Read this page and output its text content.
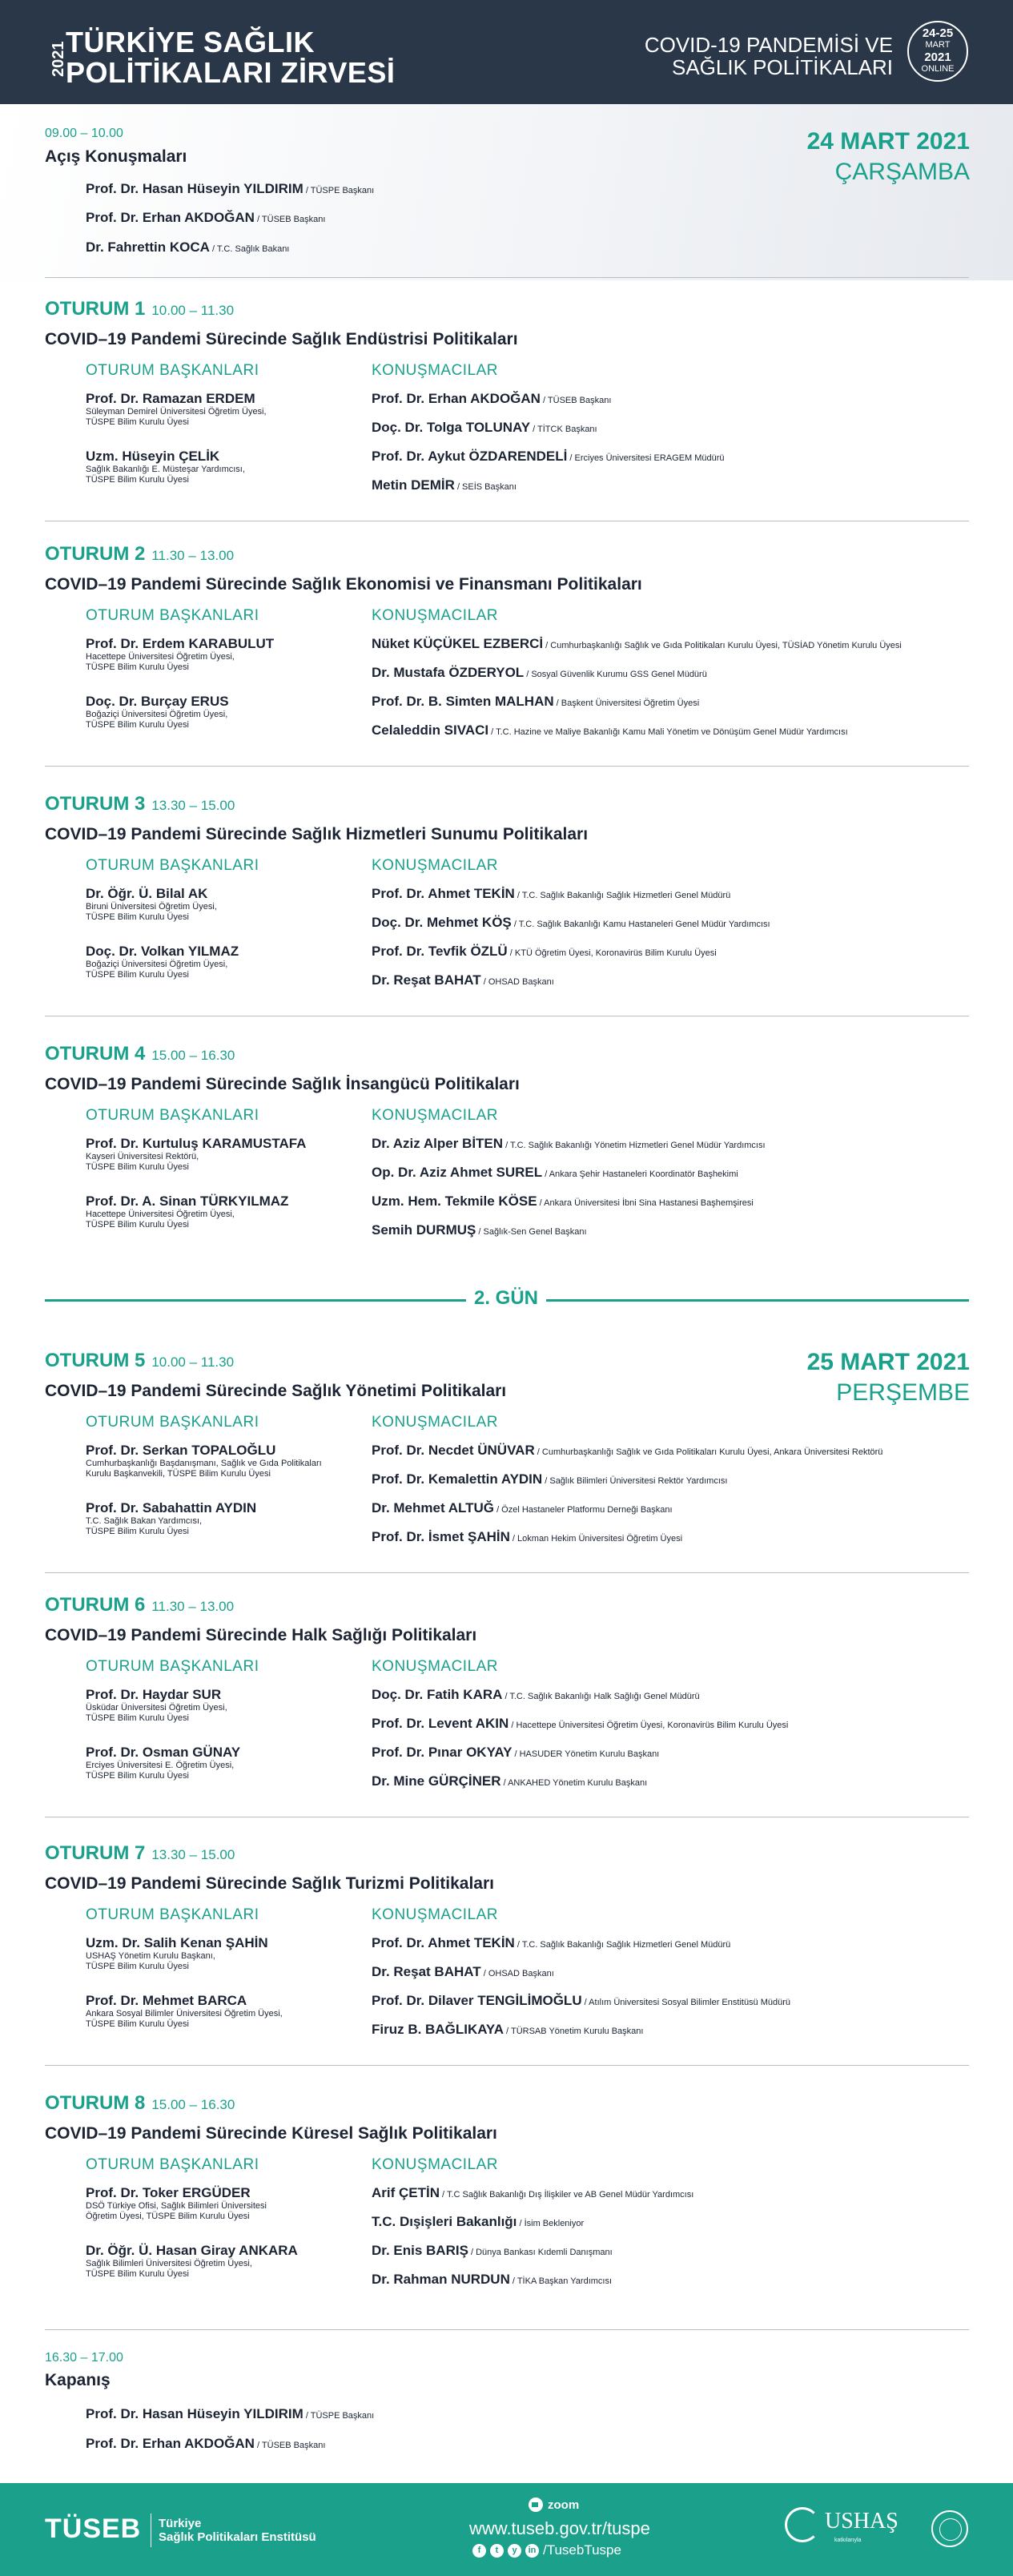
2021
TÜRKİYE SAĞLIK
POLİTİKALARI ZİRVESİ
COVID-19 PANDEMİSİ VE
SAĞLIK POLİTİKALARI
24-25
MART
2021
ONLINE
24 MART 2021
ÇARŞAMBA
09.00 – 10.00
Açış Konuşmaları
Prof. Dr. Hasan Hüseyin YILDIRIM / TÜSPE Başkanı
Prof. Dr. Erhan AKDOĞAN / TÜSEB Başkanı
Dr. Fahrettin KOCA / T.C. Sağlık Bakanı
OTURUM 1 10.00 – 11.30
COVID–19 Pandemi Sürecinde Sağlık Endüstrisi Politikaları
OTURUM BAŞKANLARI	KONUŞMACILAR
Prof. Dr. Ramazan ERDEM
Süleyman Demirel Üniversitesi Öğretim Üyesi,
TÜSPE Bilim Kurulu Üyesi
Uzm. Hüseyin ÇELİK
Sağlık Bakanlığı E. Müsteşar Yardımcısı,
TÜSPE Bilim Kurulu Üyesi
Prof. Dr. Erhan AKDOĞAN / TÜSEB Başkanı
Doç. Dr. Tolga TOLUNAY / TİTCK Başkanı
Prof. Dr. Aykut ÖZDARENDELİ / Erciyes Üniversitesi ERAGEM Müdürü
Metin DEMİR / SEİS Başkanı
OTURUM 2 11.30 – 13.00
COVID–19 Pandemi Sürecinde Sağlık Ekonomisi ve Finansmanı Politikaları
OTURUM BAŞKANLARI	KONUŞMACILAR
Prof. Dr. Erdem KARABULUT
Hacettepe Üniversitesi Öğretim Üyesi,
TÜSPE Bilim Kurulu Üyesi
Doç. Dr. Burçay ERUS
Boğaziçi Üniversitesi Öğretim Üyesi,
TÜSPE Bilim Kurulu Üyesi
Nüket KÜÇÜKEL EZBERCİ / Cumhurbaşkanlığı Sağlık ve Gıda Politikaları Kurulu Üyesi, TÜSİAD Yönetim Kurulu Üyesi
Dr. Mustafa ÖZDERYOL / Sosyal Güvenlik Kurumu GSS Genel Müdürü
Prof. Dr. B. Simten MALHAN / Başkent Üniversitesi Öğretim Üyesi
Celaleddin SIVACI / T.C. Hazine ve Maliye Bakanlığı Kamu Mali Yönetim ve Dönüşüm Genel Müdür Yardımcısı
OTURUM 3 13.30 – 15.00
COVID–19 Pandemi Sürecinde Sağlık Hizmetleri Sunumu Politikaları
OTURUM BAŞKANLARI	KONUŞMACILAR
Dr. Öğr. Ü. Bilal AK
Biruni Üniversitesi Öğretim Üyesi,
TÜSPE Bilim Kurulu Üyesi
Doç. Dr. Volkan YILMAZ
Boğaziçi Üniversitesi Öğretim Üyesi,
TÜSPE Bilim Kurulu Üyesi
Prof. Dr. Ahmet TEKİN / T.C. Sağlık Bakanlığı Sağlık Hizmetleri Genel Müdürü
Doç. Dr. Mehmet KÖŞ / T.C. Sağlık Bakanlığı Kamu Hastaneleri Genel Müdür Yardımcısı
Prof. Dr. Tevfik ÖZLÜ / KTÜ Öğretim Üyesi, Koronavirüs Bilim Kurulu Üyesi
Dr. Reşat BAHAT / OHSAD Başkanı
OTURUM 4 15.00 – 16.30
COVID–19 Pandemi Sürecinde Sağlık İnsangücü Politikaları
OTURUM BAŞKANLARI	KONUŞMACILAR
Prof. Dr. Kurtuluş KARAMUSTAFA
Kayseri Üniversitesi Rektörü,
TÜSPE Bilim Kurulu Üyesi
Prof. Dr. A. Sinan TÜRKYILMAZ
Hacettepe Üniversitesi Öğretim Üyesi,
TÜSPE Bilim Kurulu Üyesi
Dr. Aziz Alper BİTEN / T.C. Sağlık Bakanlığı Yönetim Hizmetleri Genel Müdür Yardımcısı
Op. Dr. Aziz Ahmet SUREL / Ankara Şehir Hastaneleri Koordinatör Başhekimi
Uzm. Hem. Tekmile KÖSE / Ankara Üniversitesi İbni Sina Hastanesi Başhemşiresi
Semih DURMUŞ / Sağlık-Sen Genel Başkanı
OTURUM 5 10.00 – 11.30
COVID–19 Pandemi Sürecinde Sağlık Yönetimi Politikaları
OTURUM BAŞKANLARI	KONUŞMACILAR
Prof. Dr. Serkan TOPALOĞLU
Cumhurbaşkanlığı Başdanışmanı, Sağlık ve Gıda Politikaları
Kurulu Başkanvekili, TÜSPE Bilim Kurulu Üyesi
Prof. Dr. Sabahattin AYDIN
T.C. Sağlık Bakan Yardımcısı,
TÜSPE Bilim Kurulu Üyesi
Prof. Dr. Necdet ÜNÜVAR / Cumhurbaşkanlığı Sağlık ve Gıda Politikaları Kurulu Üyesi, Ankara Üniversitesi Rektörü
Prof. Dr. Kemalettin AYDIN / Sağlık Bilimleri Üniversitesi Rektör Yardımcısı
Dr. Mehmet ALTUĞ / Özel Hastaneler Platformu Derneği Başkanı
Prof. Dr. İsmet ŞAHİN / Lokman Hekim Üniversitesi Öğretim Üyesi
OTURUM 6 11.30 – 13.00
COVID–19 Pandemi Sürecinde Halk Sağlığı Politikaları
OTURUM BAŞKANLARI	KONUŞMACILAR
Prof. Dr. Haydar SUR
Üsküdar Üniversitesi Öğretim Üyesi,
TÜSPE Bilim Kurulu Üyesi
Prof. Dr. Osman GÜNAY
Erciyes Üniversitesi E. Öğretim Üyesi,
TÜSPE Bilim Kurulu Üyesi
Doç. Dr. Fatih KARA / T.C. Sağlık Bakanlığı Halk Sağlığı Genel Müdürü
Prof. Dr. Levent AKIN / Hacettepe Üniversitesi Öğretim Üyesi, Koronavirüs Bilim Kurulu Üyesi
Prof. Dr. Pınar OKYAY / HASUDER Yönetim Kurulu Başkanı
Dr. Mine GÜRÇİNER / ANKAHED Yönetim Kurulu Başkanı
OTURUM 7 13.30 – 15.00
COVID–19 Pandemi Sürecinde Sağlık Turizmi Politikaları
OTURUM BAŞKANLARI	KONUŞMACILAR
Uzm. Dr. Salih Kenan ŞAHİN
USHAŞ Yönetim Kurulu Başkanı,
TÜSPE Bilim Kurulu Üyesi
Prof. Dr. Mehmet BARCA
Ankara Sosyal Bilimler Üniversitesi Öğretim Üyesi,
TÜSPE Bilim Kurulu Üyesi
Prof. Dr. Ahmet TEKİN / T.C. Sağlık Bakanlığı Sağlık Hizmetleri Genel Müdürü
Dr. Reşat BAHAT / OHSAD Başkanı
Prof. Dr. Dilaver TENGİLİMOĞLU / Atılım Üniversitesi Sosyal Bilimler Enstitüsü Müdürü
Firuz B. BAĞLIKAYA / TÜRSAB Yönetim Kurulu Başkanı
OTURUM 8 15.00 – 16.30
COVID–19 Pandemi Sürecinde Küresel Sağlık Politikaları
OTURUM BAŞKANLARI	KONUŞMACILAR
Prof. Dr. Toker ERGÜDER
DSÖ Türkiye Ofisi, Sağlık Bilimleri Üniversitesi
Öğretim Üyesi, TÜSPE Bilim Kurulu Üyesi
Dr. Öğr. Ü. Hasan Giray ANKARA
Sağlık Bilimleri Üniversitesi Öğretim Üyesi,
TÜSPE Bilim Kurulu Üyesi
Arif ÇETİN / T.C Sağlık Bakanlığı Dış İlişkiler ve AB Genel Müdür Yardımcısı
T.C. Dışişleri Bakanlığı / İsim Bekleniyor
Dr. Enis BARIŞ / Dünya Bankası Kıdemli Danışmanı
Dr. Rahman NURDUN / TİKA Başkan Yardımcısı
2. GÜN
25 MART 2021
PERŞEMBE
16.30 – 17.00
Kapanış
Prof. Dr. Hasan Hüseyin YILDIRIM / TÜSPE Başkanı
Prof. Dr. Erhan AKDOĞAN / TÜSEB Başkanı
TÜSEB Türkiye
Sağlık Politikaları Enstitüsü
zoom
www.tuseb.gov.tr/tuspe
f	t	y	in /TusebTuspe
USHAŞ
katkılarıyla
